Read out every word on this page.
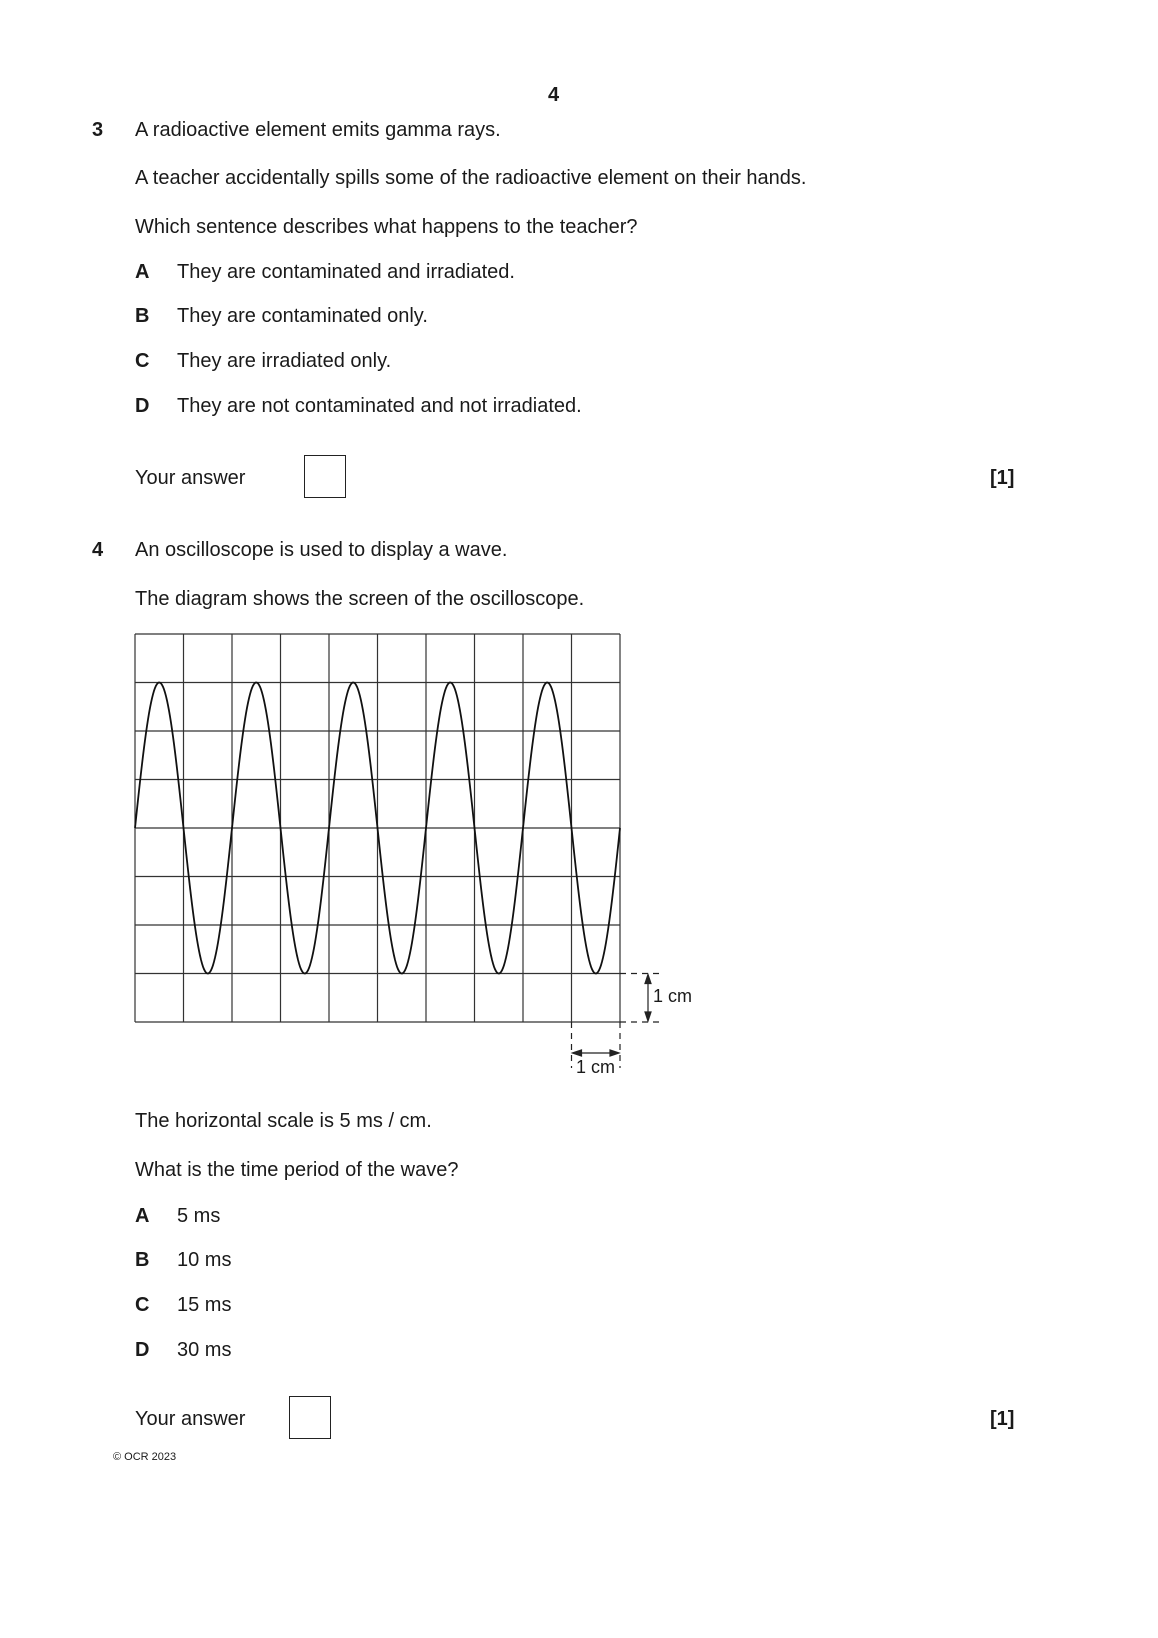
4
3 A radioactive element emits gamma rays.
A teacher accidentally spills some of the radioactive element on their hands.
Which sentence describes what happens to the teacher?
A They are contaminated and irradiated.
B They are contaminated only.
C They are irradiated only.
D They are not contaminated and not irradiated.
Your answer	[1]
4 An oscilloscope is used to display a wave.
The diagram shows the screen of the oscilloscope.
1 cm
1 cm
The horizontal scale is 5 ms / cm.
What is the time period of the wave?
A 5 ms
B 10 ms
C 15 ms
D 30 ms
Your answer	[1]
© OCR 2023
